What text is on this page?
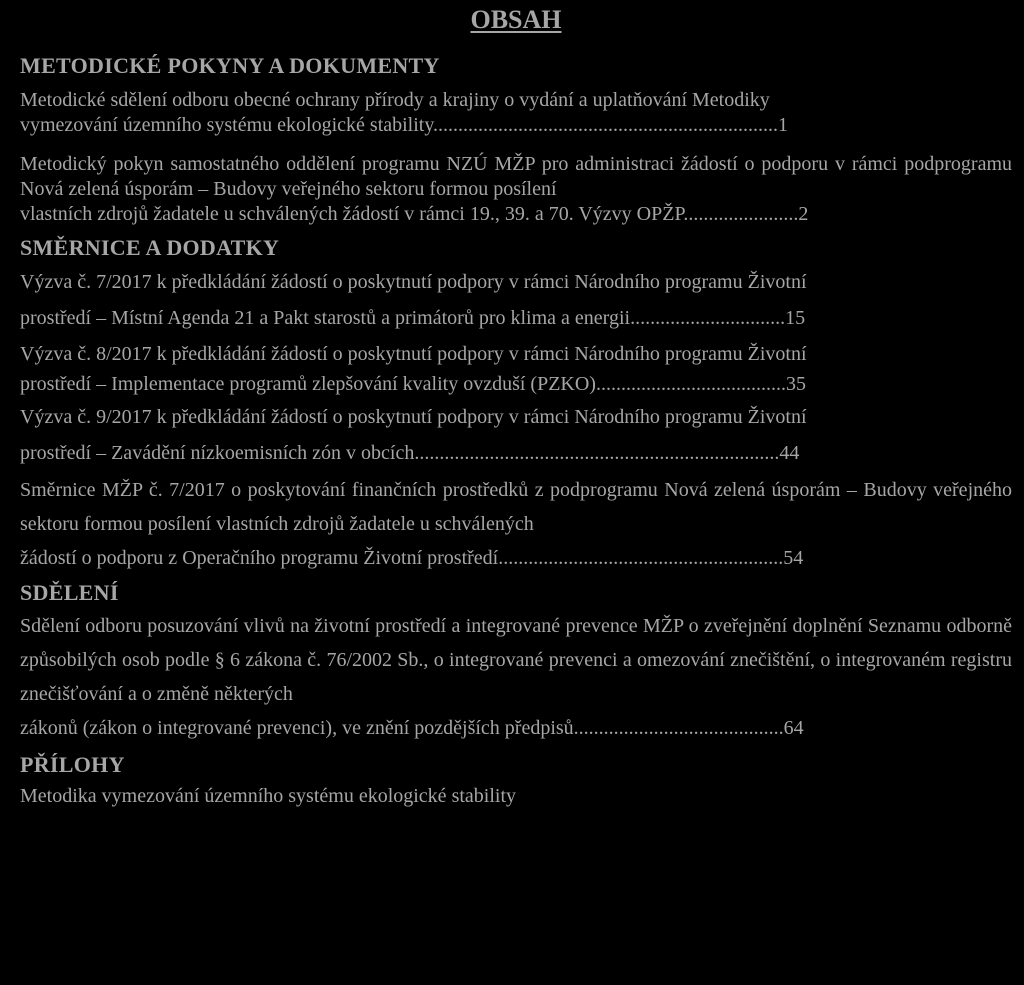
OBSAH
METODICKÉ POKYNY A DOKUMENTY

Metodické sdělení odboru obecné ochrany přírody a krajiny o vydání a uplatňování Metodiky
vymezování územního systému ekologické stability.....................................................................1

Metodický pokyn samostatného oddělení programu NZÚ MŽP pro administraci žádostí o podporu v rámci podprogramu Nová zelená úsporám – Budovy veřejného sektoru formou posílení
vlastních zdrojů žadatele u schválených žádostí v rámci 19., 39. a 70. Výzvy OPŽP.......................2

SMĚRNICE A DODATKY

Výzva č. 7/2017 k předkládání žádostí o poskytnutí podpory v rámci Národního programu Životní
prostředí – Místní Agenda 21 a Pakt starostů a primátorů pro klima a energii...............................15

Výzva č. 8/2017 k předkládání žádostí o poskytnutí podpory v rámci Národního programu Životní
prostředí – Implementace programů zlepšování kvality ovzduší (PZKO)......................................35

Výzva č. 9/2017 k předkládání žádostí o poskytnutí podpory v rámci Národního programu Životní
prostředí – Zavádění nízkoemisních zón v obcích.........................................................................44

Směrnice MŽP č. 7/2017 o poskytování finančních prostředků z podprogramu Nová zelená úsporám – Budovy veřejného sektoru formou posílení vlastních zdrojů žadatele u schválených
žádostí o podporu z Operačního programu Životní prostředí.........................................................54

SDĚLENÍ

Sdělení odboru posuzování vlivů na životní prostředí a integrované prevence MŽP o zveřejnění doplnění Seznamu odborně způsobilých osob podle § 6 zákona č. 76/2002 Sb., o integrované prevenci a omezování znečištění, o integrovaném registru znečišťování a o změně některých
zákonů (zákon o integrované prevenci), ve znění pozdějších předpisů..........................................64

PŘÍLOHY

Metodika vymezování územního systému ekologické stability
